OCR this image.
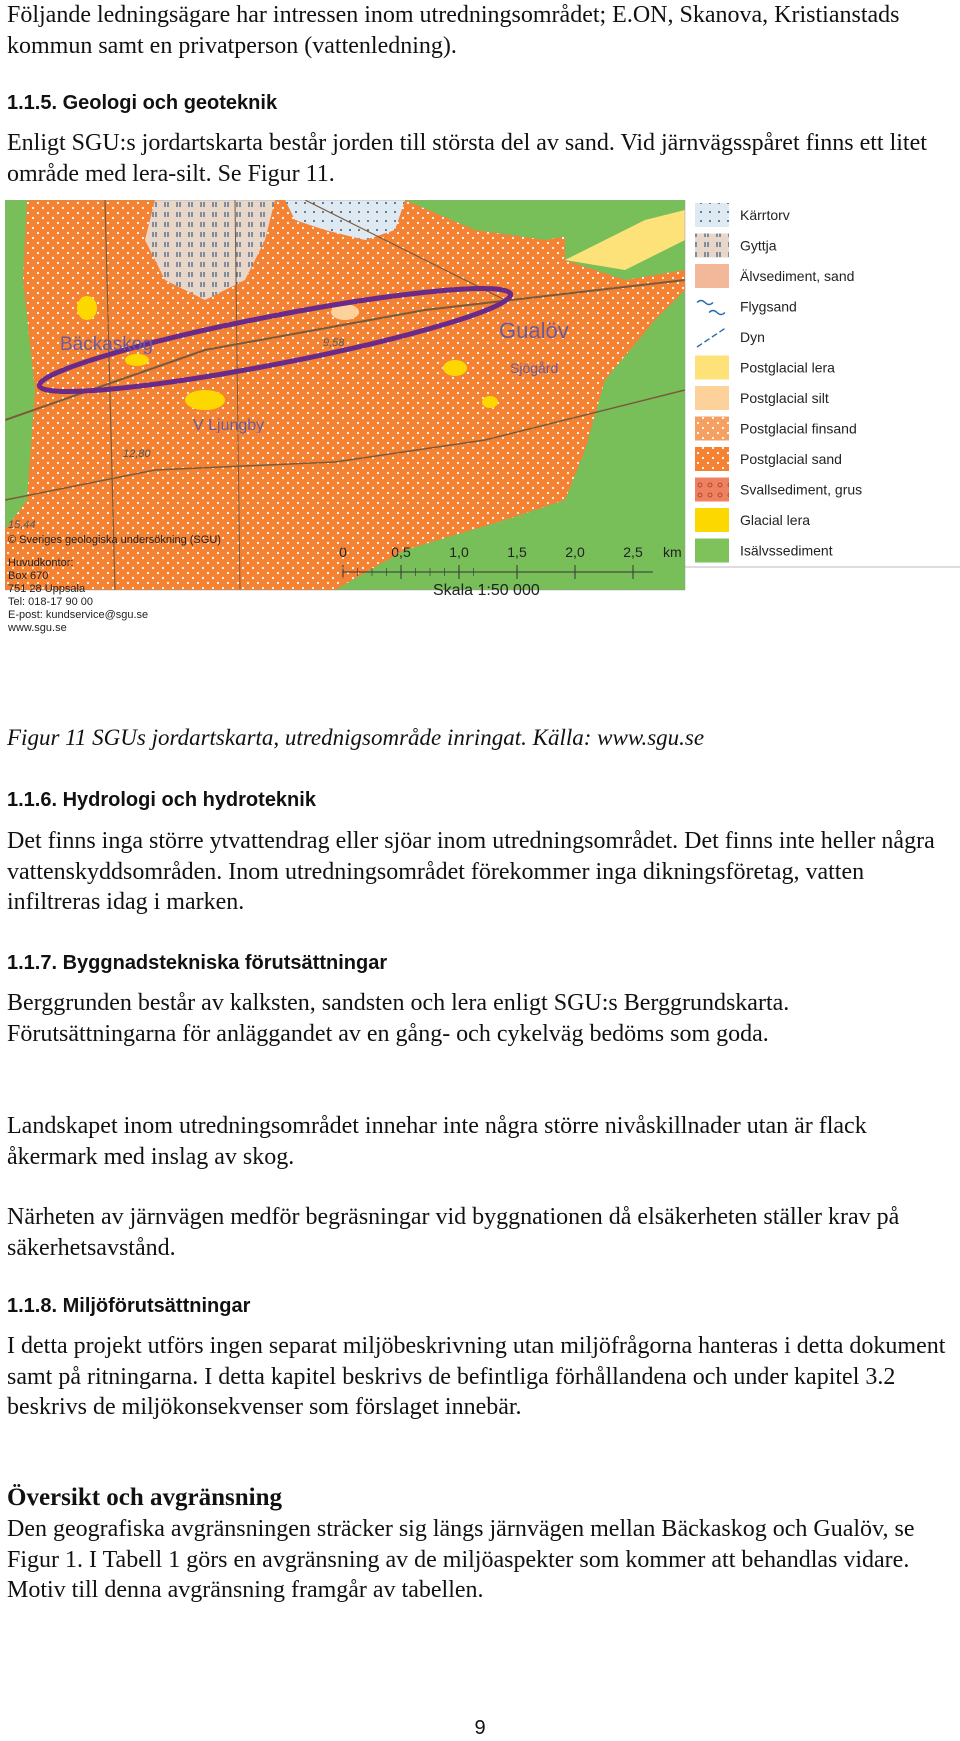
Följande ledningsägare har intressen inom utredningsområdet; E.ON, Skanova, Kristianstads kommun samt en privatperson (vattenledning).

1.1.5. Geologi och geoteknik

Enligt SGU:s jordartskarta består jorden till största del av sand. Vid järnvägsspåret finns ett litet område med lera-silt. Se Figur 11.

Bäckaskog
Gualöv
Sjögård
V Ljungby
9,58
12,80
15,44
© Sveriges geologiska undersökning (SGU)
Huvudkontor:
Box 670
751 28 Uppsala
Tel: 018-17 90 00
E-post: kundservice@sgu.se
www.sgu.se
0	0,5	1,0	1,5	2,0	2,5 km
Skala 1:50 000
Kärrtorv
Gyttja
Älvsediment, sand
Flygsand
Dyn
Postglacial lera
Postglacial silt
Postglacial finsand
Postglacial sand
Svallsediment, grus
Glacial lera
Isälvssediment

Figur 11 SGUs jordartskarta, utrednigsområde inringat. Källa: www.sgu.se

1.1.6. Hydrologi och hydroteknik

Det finns inga större ytvattendrag eller sjöar inom utredningsområdet. Det finns inte heller några vattenskyddsområden. Inom utredningsområdet förekommer inga dikningsföretag, vatten infiltreras idag i marken.

1.1.7. Byggnadstekniska förutsättningar

Berggrunden består av kalksten, sandsten och lera enligt SGU:s Berggrundskarta. Förutsättningarna för anläggandet av en gång- och cykelväg bedöms som goda.

Landskapet inom utredningsområdet innehar inte några större nivåskillnader utan är flack åkermark med inslag av skog.

Närheten av järnvägen medför begräsningar vid byggnationen då elsäkerheten ställer krav på säkerhetsavstånd.

1.1.8. Miljöförutsättningar

I detta projekt utförs ingen separat miljöbeskrivning utan miljöfrågorna hanteras i detta dokument samt på ritningarna. I detta kapitel beskrivs de befintliga förhållandena och under kapitel 3.2 beskrivs de miljökonsekvenser som förslaget innebär.

Översikt och avgränsning

Den geografiska avgränsningen sträcker sig längs järnvägen mellan Bäckaskog och Gualöv, se Figur 1. I Tabell 1 görs en avgränsning av de miljöaspekter som kommer att behandlas vidare. Motiv till denna avgränsning framgår av tabellen.

9
